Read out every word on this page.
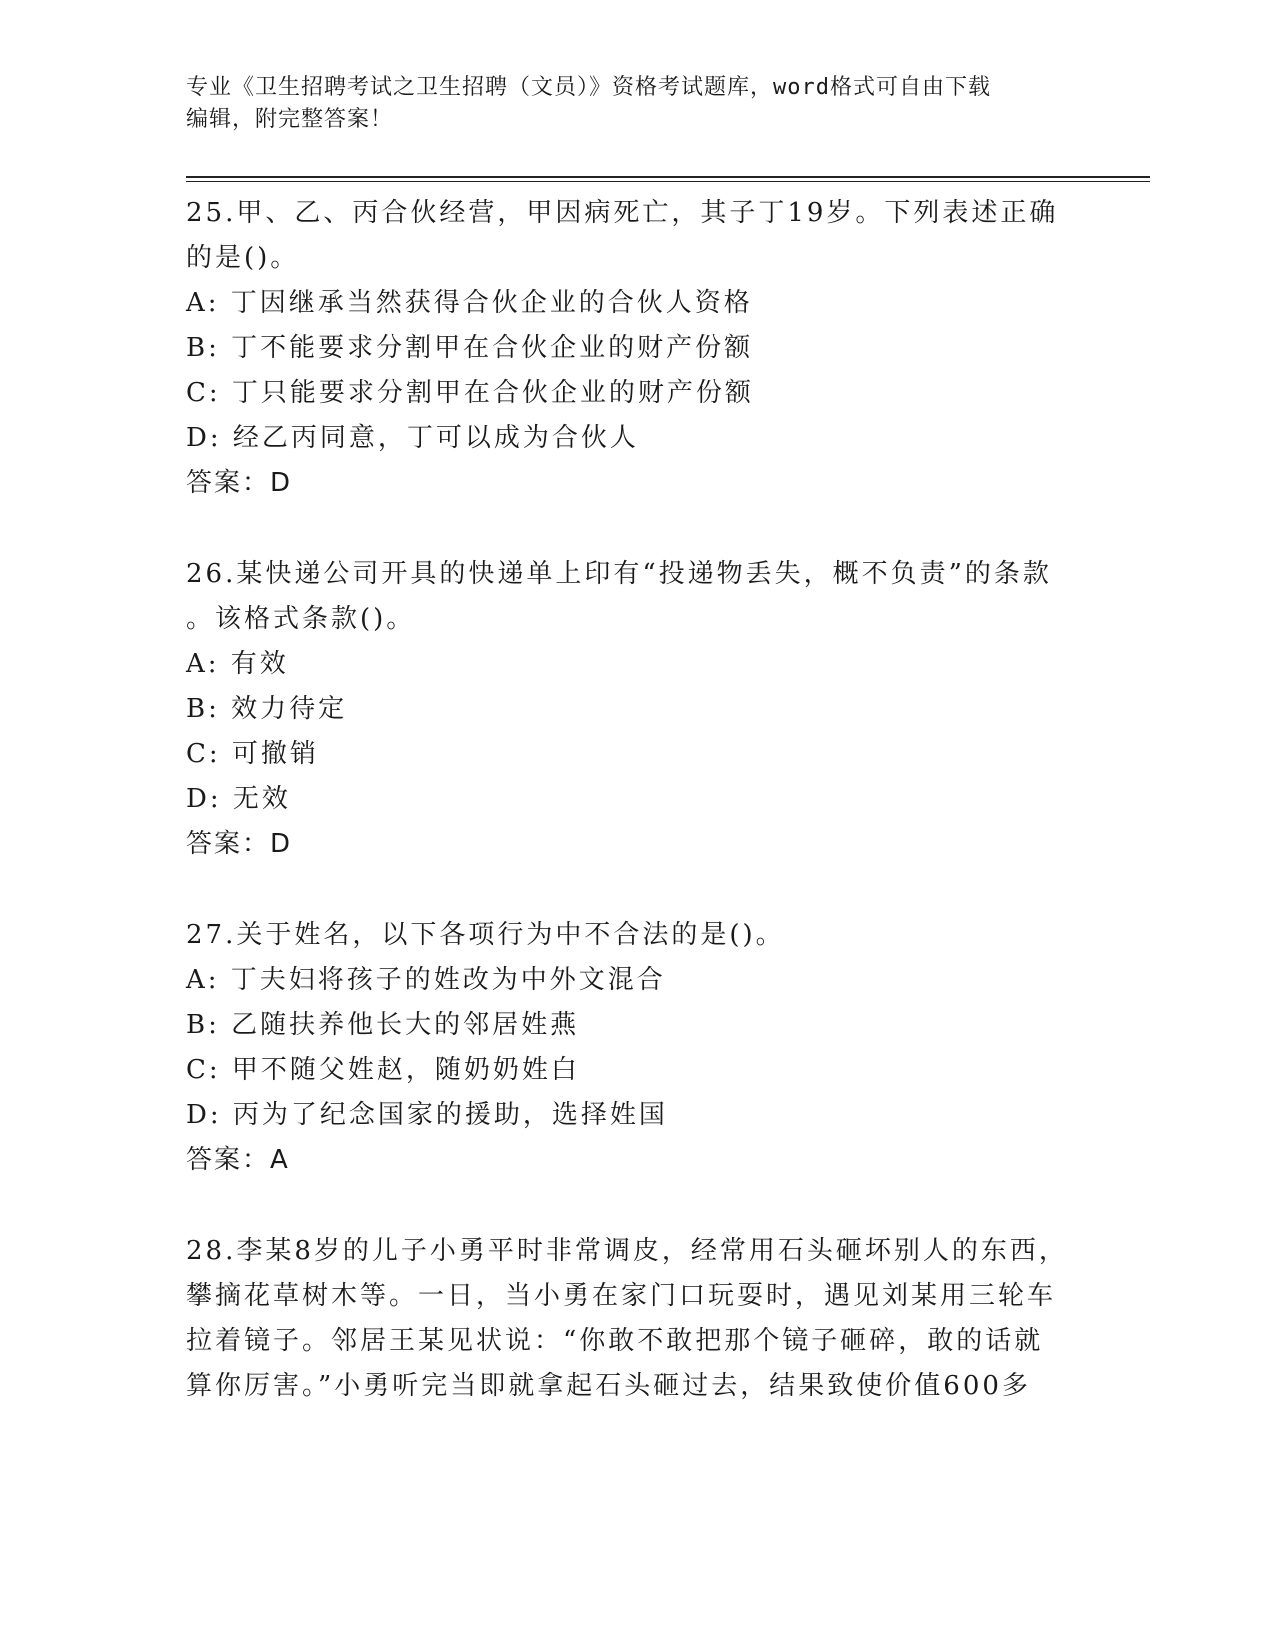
专业《卫生招聘考试之卫生招聘（文员）》资格考试题库，word格式可自由下载
编辑，附完整答案！
25.甲、乙、丙合伙经营，甲因病死亡，其子丁19岁。下列表述正确
的是()。
A: 丁因继承当然获得合伙企业的合伙人资格
B: 丁不能要求分割甲在合伙企业的财产份额
C: 丁只能要求分割甲在合伙企业的财产份额
D: 经乙丙同意，丁可以成为合伙人
答案：D
26.某快递公司开具的快递单上印有“投递物丢失，概不负责”的条款
。该格式条款()。
A: 有效
B: 效力待定
C: 可撤销
D: 无效
答案：D
27.关于姓名，以下各项行为中不合法的是()。
A: 丁夫妇将孩子的姓改为中外文混合
B: 乙随扶养他长大的邻居姓燕
C: 甲不随父姓赵，随奶奶姓白
D: 丙为了纪念国家的援助，选择姓国
答案：A
28.李某8岁的儿子小勇平时非常调皮，经常用石头砸坏别人的东西，
攀摘花草树木等。一日，当小勇在家门口玩耍时，遇见刘某用三轮车
拉着镜子。邻居王某见状说：“你敢不敢把那个镜子砸碎，敢的话就
算你厉害。”小勇听完当即就拿起石头砸过去，结果致使价值600多
